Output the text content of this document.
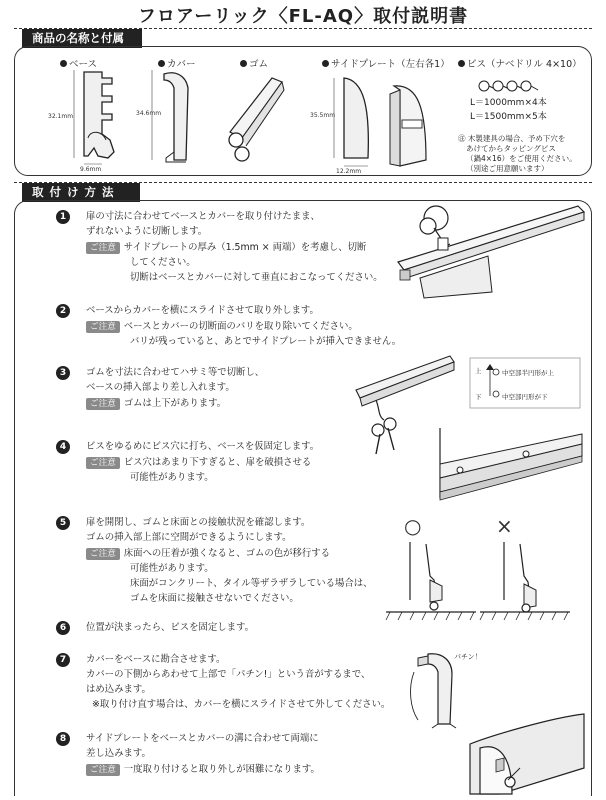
フロアーリック〈FL-AQ〉取付説明書
商品の名称と付属品
ベース	カバー	ゴム	サイドプレート（左右各1）	ビス（ナベドリル 4×10）
32.1mm
9.6mm
34.6mm	35.5mm
12.2mm
L＝1000mm×4本
L＝1500mm×5本
㊟ 木製建具の場合、予め下穴を
あけてからタッピングビス
（鍋4×16）をご使用ください。
（別途ご用意願います）
取付け方法
1	扉の寸法に合わせてベースとカバーを取り付けたまま、
ずれないように切断します。
ご注意 サイドプレートの厚み（1.5mm × 両端）を考慮し、切断
してください。
切断はベースとカバーに対して垂直におこなってください。
2	ベースからカバーを横にスライドさせて取り外します。
ご注意 ベースとカバーの切断面のバリを取り除いてください。
バリが残っていると、あとでサイドプレートが挿入できません。
3	ゴムを寸法に合わせてハサミ等で切断し、
ベースの挿入部より差し入れます。
ご注意 ゴムは上下があります。
上	中空部半円形が上
下	中空部円形が下
4	ビスをゆるめにビス穴に打ち、ベースを仮固定します。
ご注意 ビス穴はあまり下すぎると、扉を破損させる
可能性があります。
5	扉を開閉し、ゴムと床面との接触状況を確認します。
ゴムの挿入部上部に空間ができるようにします。
ご注意 床面への圧着が強くなると、ゴムの色が移行する
可能性があります。
床面がコンクリート、タイル等ザラザラしている場合は、
ゴムを床面に接触させないでください。
○	×
6	位置が決まったら、ビスを固定します。
7	カバーをベースに勘合させます。
カバーの下側からあわせて上部で「パチン!」という音がするまで、
はめ込みます。
※取り付け直す場合は、カバーを横にスライドさせて外してください。
パチン！
8	サイドプレートをベースとカバーの溝に合わせて両端に
差し込みます。
ご注意 一度取り付けると取り外しが困難になります。
